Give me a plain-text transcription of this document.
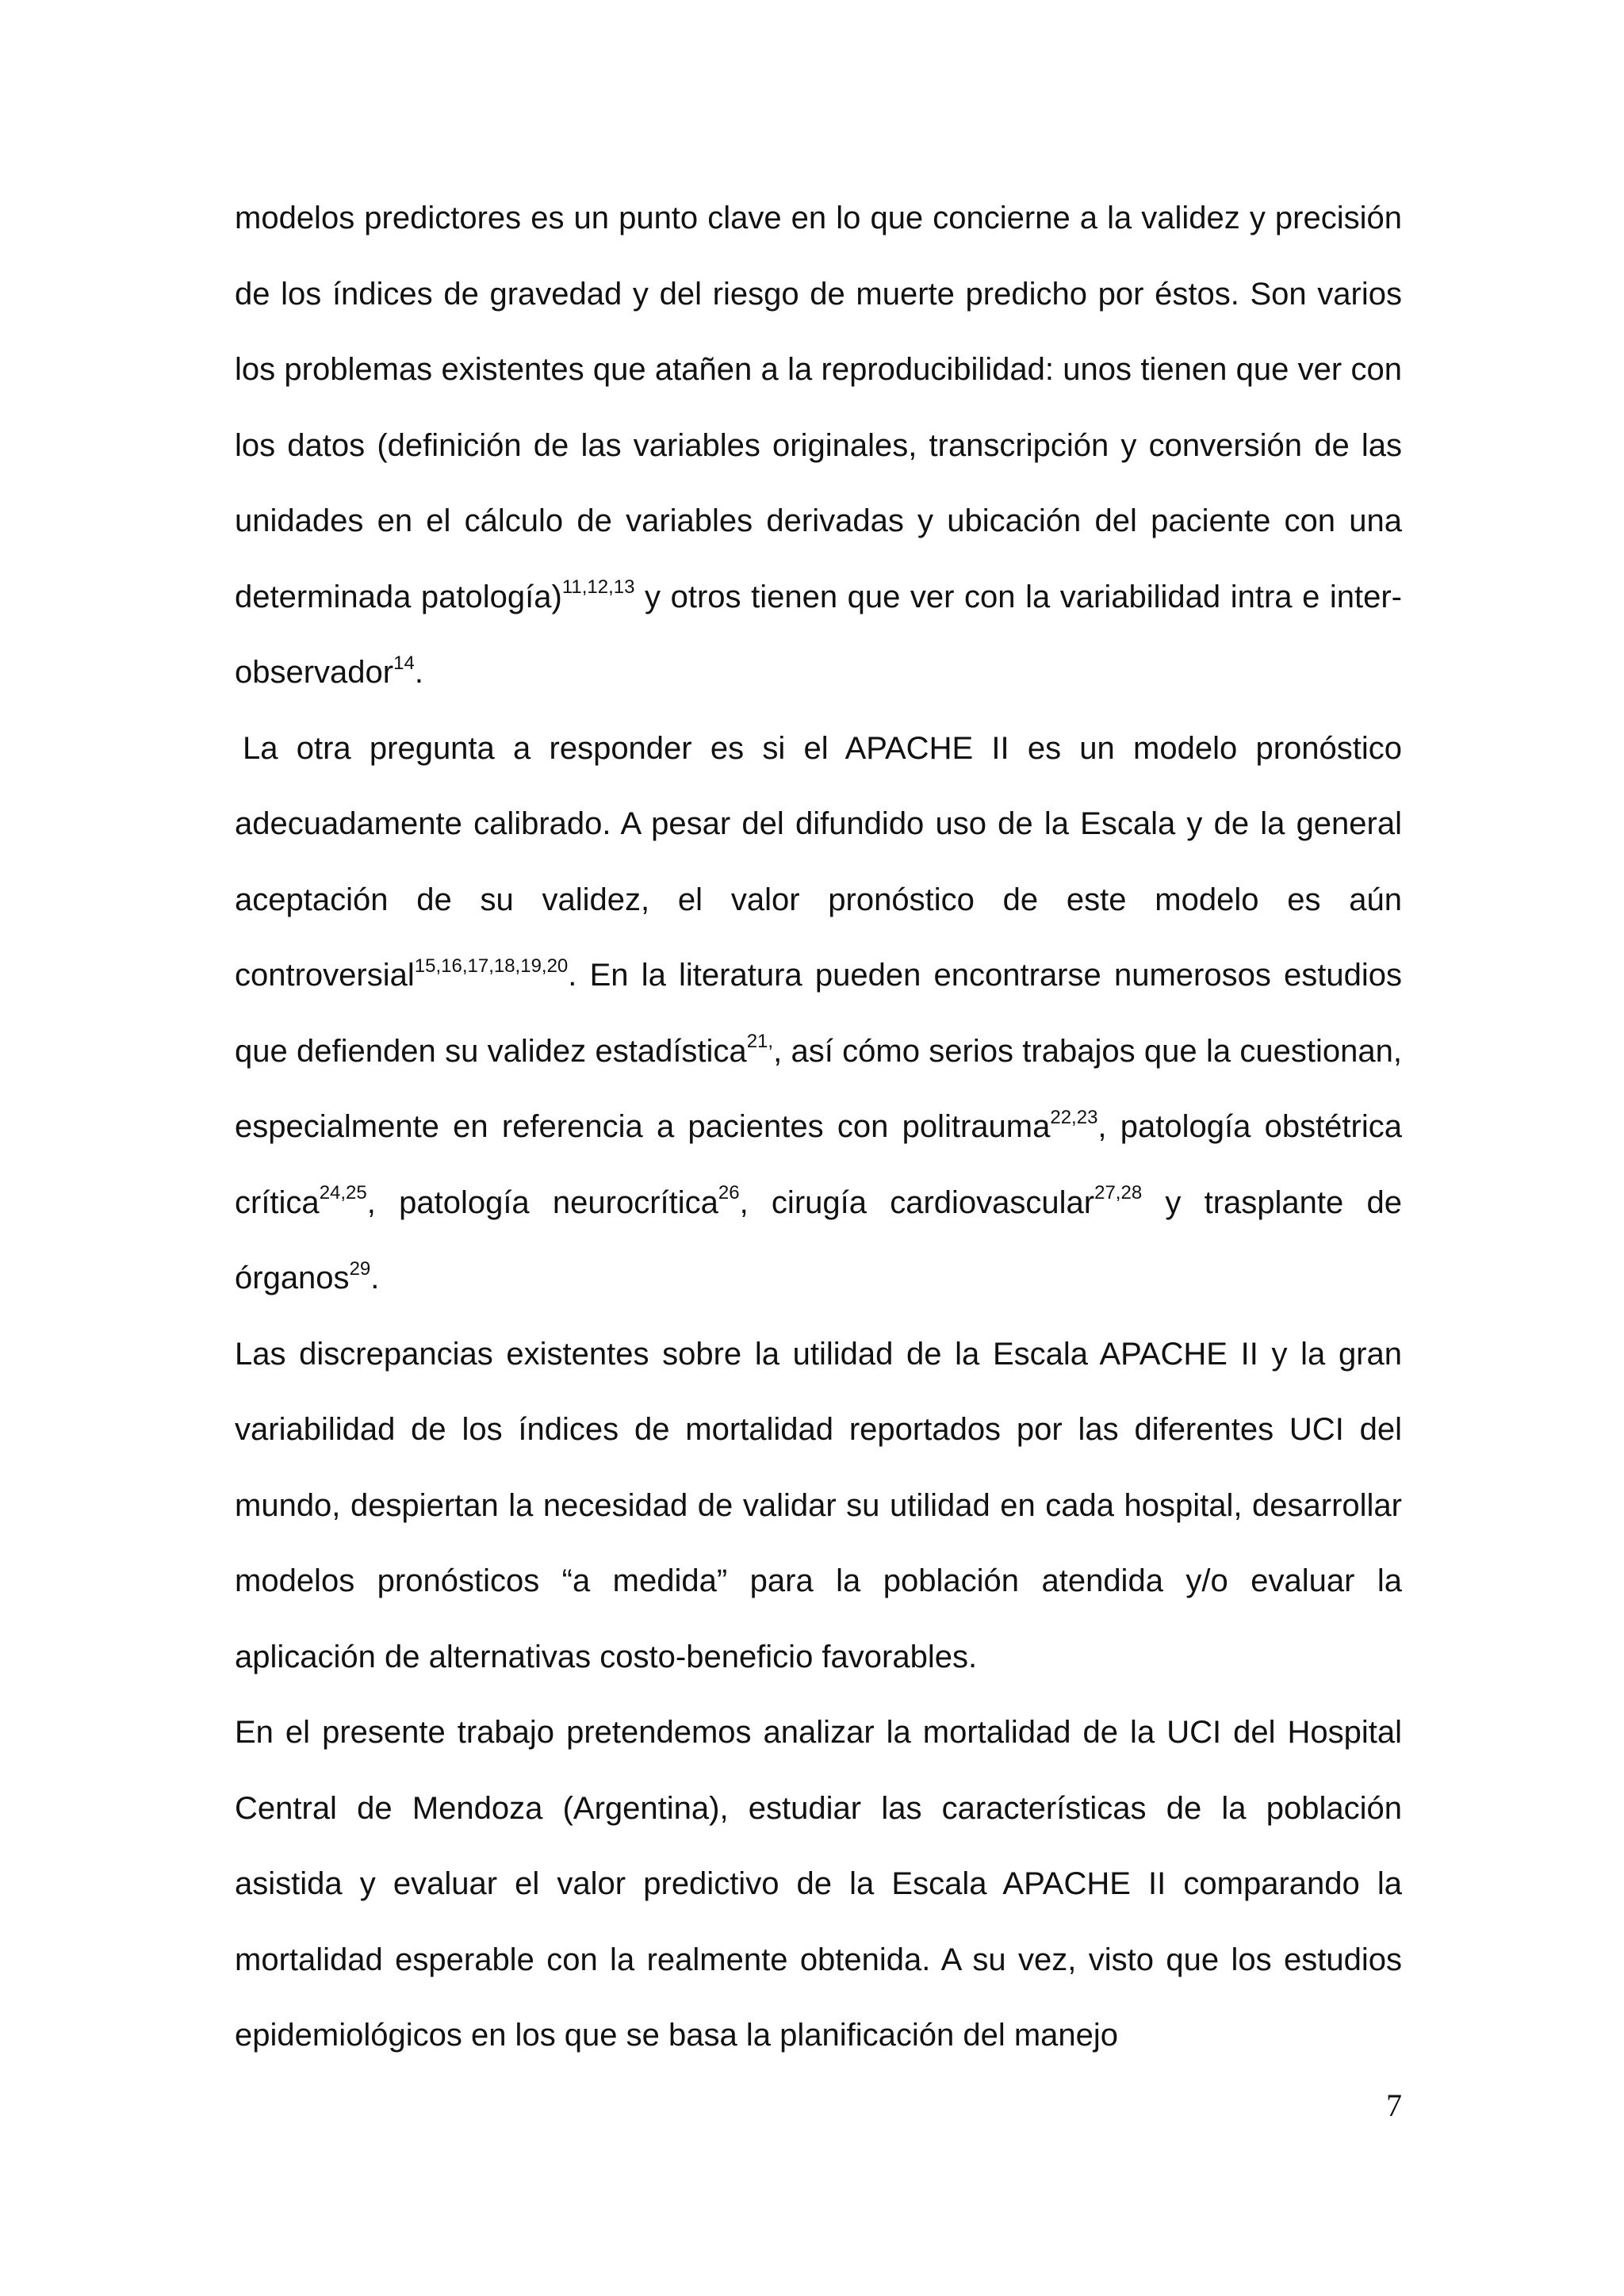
modelos predictores es un punto clave en lo que concierne a la validez y precisión de los índices de gravedad y del riesgo de muerte predicho por éstos. Son varios los problemas existentes que atañen a la reproducibilidad: unos tienen que ver con los datos (definición de las variables originales, transcripción y conversión de las unidades en el cálculo de variables derivadas y ubicación del paciente con una determinada patología)$^{11,12,13}$ y otros tienen que ver con la variabilidad intra e inter-observador$^{14}$.

La otra pregunta a responder es si el APACHE II es un modelo pronóstico adecuadamente calibrado. A pesar del difundido uso de la Escala y de la general aceptación de su validez, el valor pronóstico de este modelo es aún controversial$^{15,16,17,18,19,20}$. En la literatura pueden encontrarse numerosos estudios que defienden su validez estadística$^{21,}$, así cómo serios trabajos que la cuestionan, especialmente en referencia a pacientes con politrauma$^{22,23}$, patología obstétrica crítica$^{24,25}$, patología neurocrítica$^{26}$, cirugía cardiovascular$^{27,28}$ y trasplante de órganos$^{29}$.

Las discrepancias existentes sobre la utilidad de la Escala APACHE II y la gran variabilidad de los índices de mortalidad reportados por las diferentes UCI del mundo, despiertan la necesidad de validar su utilidad en cada hospital, desarrollar modelos pronósticos “a medida” para la población atendida y/o evaluar la aplicación de alternativas costo-beneficio favorables.

En el presente trabajo pretendemos analizar la mortalidad de la UCI del Hospital Central de Mendoza (Argentina), estudiar las características de la población asistida y evaluar el valor predictivo de la Escala APACHE II comparando la mortalidad esperable con la realmente obtenida. A su vez, visto que los estudios epidemiológicos en los que se basa la planificación del manejo

7
